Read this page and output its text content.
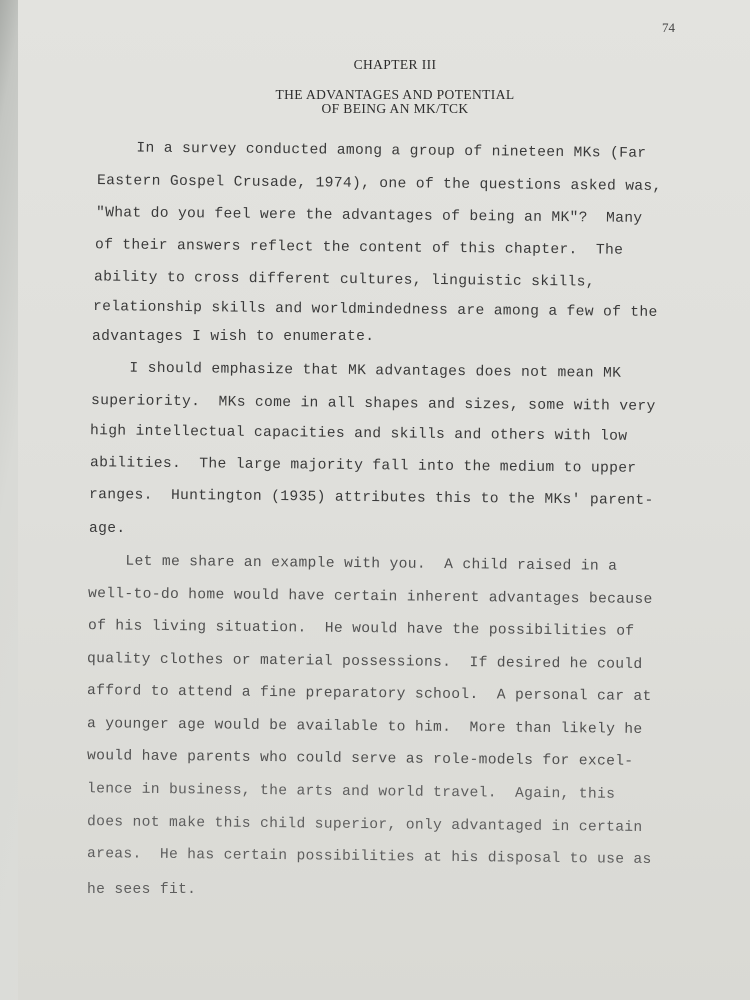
74
CHAPTER III
THE ADVANTAGES AND POTENTIAL
OF BEING AN MK/TCK

In a survey conducted among a group of nineteen MKs (Far

Eastern Gospel Crusade, 1974), one of the questions asked was,

"What do you feel were the advantages of being an MK"?  Many

of their answers reflect the content of this chapter.  The

ability to cross different cultures, linguistic skills,

relationship skills and worldmindedness are among a few of the

advantages I wish to enumerate.

I should emphasize that MK advantages does not mean MK

superiority.  MKs come in all shapes and sizes, some with very

high intellectual capacities and skills and others with low

abilities.  The large majority fall into the medium to upper

ranges.  Huntington (1935) attributes this to the MKs' parent-

age.

Let me share an example with you.  A child raised in a

well-to-do home would have certain inherent advantages because

of his living situation.  He would have the possibilities of

quality clothes or material possessions.  If desired he could

afford to attend a fine preparatory school.  A personal car at

a younger age would be available to him.  More than likely he

would have parents who could serve as role-models for excel-

lence in business, the arts and world travel.  Again, this

does not make this child superior, only advantaged in certain

areas.  He has certain possibilities at his disposal to use as

he sees fit.
